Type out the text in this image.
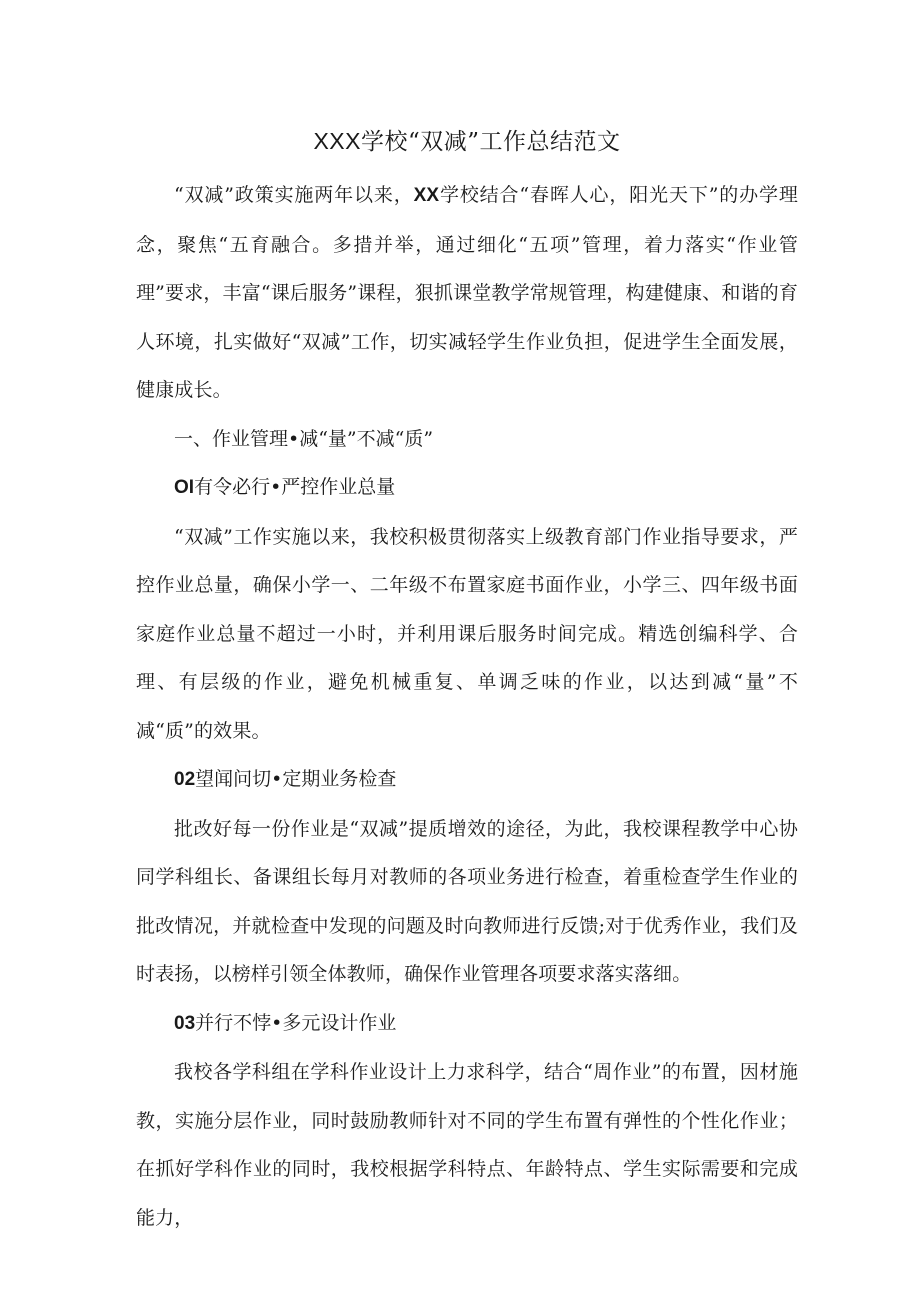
XXX学校“双减”工作总结范文

“双减”政策实施两年以来，XX学校结合“春晖人心，阳光天下”的办学理念，聚焦“五育融合。多措并举，通过细化“五项”管理，着力落实“作业管理”要求，丰富“课后服务”课程，狠抓课堂教学常规管理，构建健康、和谐的育人环境，扎实做好“双减”工作，切实减轻学生作业负担，促进学生全面发展，健康成长。

一、作业管理•减“量”不减“质”

OI有令必行•严控作业总量

“双减”工作实施以来，我校积极贯彻落实上级教育部门作业指导要求，严控作业总量，确保小学一、二年级不布置家庭书面作业，小学三、四年级书面家庭作业总量不超过一小时，并利用课后服务时间完成。精选创编科学、合理、有层级的作业，避免机械重复、单调乏味的作业，以达到减“量”不减“质”的效果。

02望闻问切•定期业务检查

批改好每一份作业是“双减”提质增效的途径，为此，我校课程教学中心协同学科组长、备课组长每月对教师的各项业务进行检查，着重检查学生作业的批改情况，并就检查中发现的问题及时向教师进行反馈;对于优秀作业，我们及时表扬，以榜样引领全体教师，确保作业管理各项要求落实落细。

03并行不悖•多元设计作业

我校各学科组在学科作业设计上力求科学，结合“周作业”的布置，因材施教，实施分层作业，同时鼓励教师针对不同的学生布置有弹性的个性化作业；在抓好学科作业的同时，我校根据学科特点、年龄特点、学生实际需要和完成能力，
